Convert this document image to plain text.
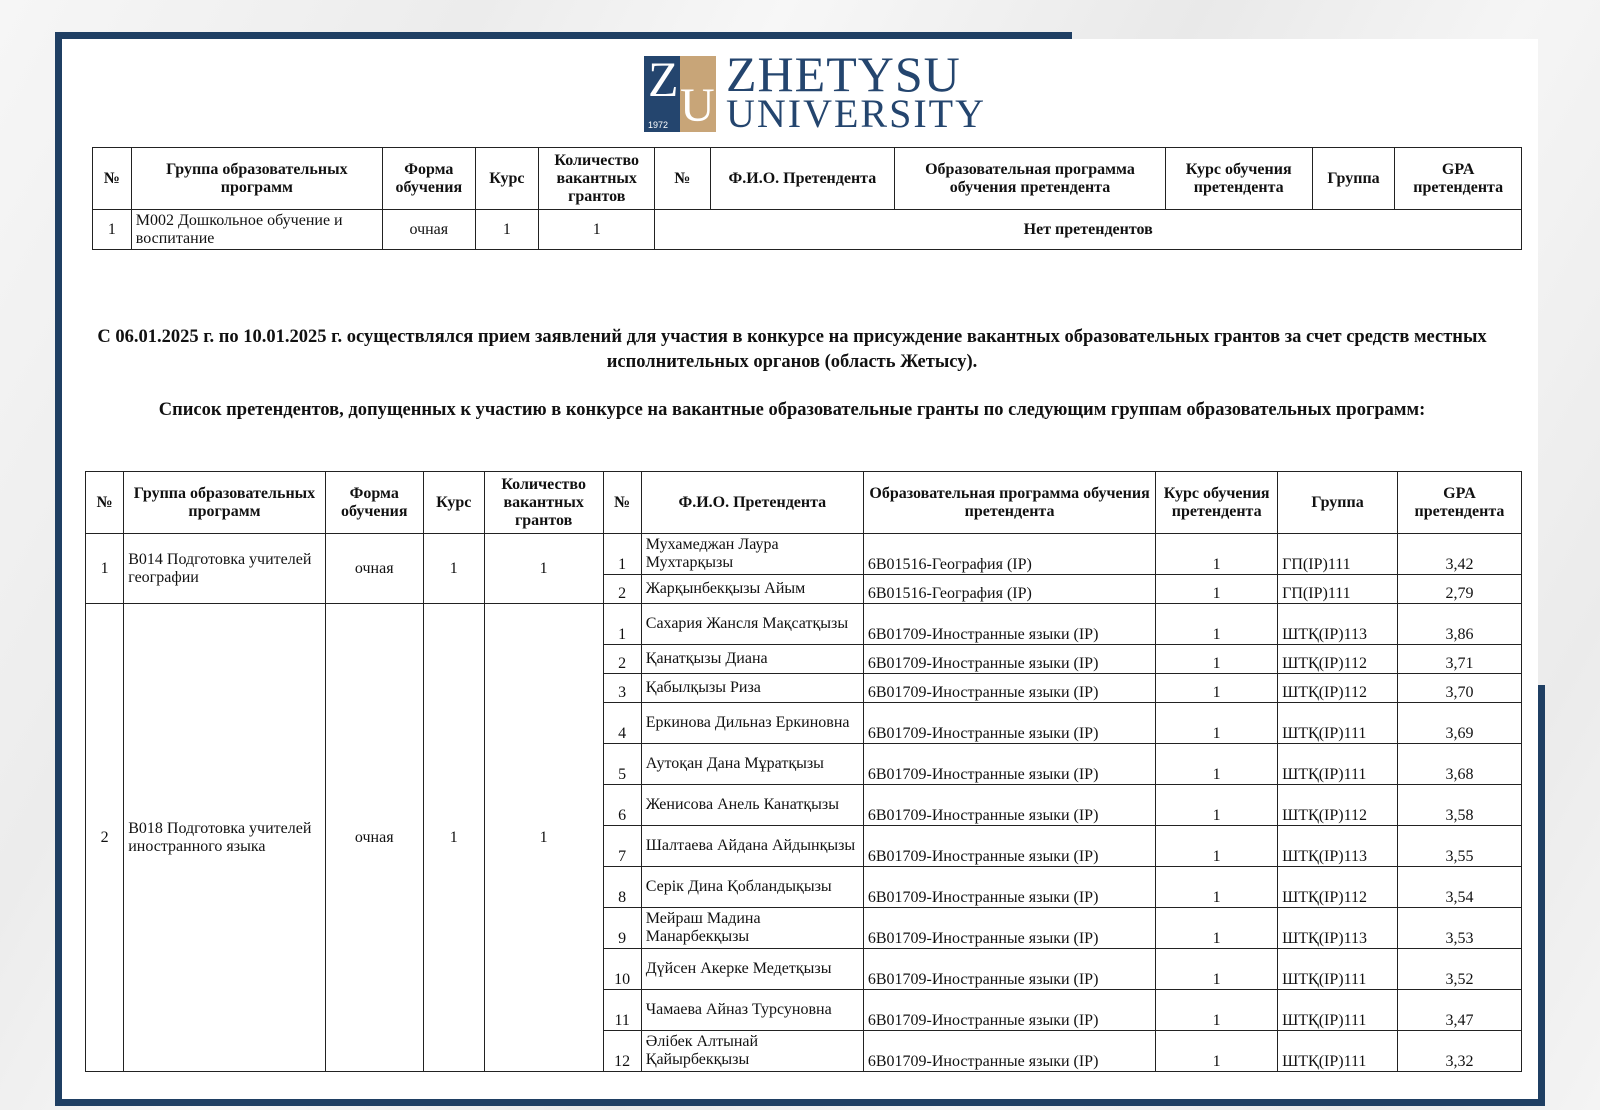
Z U
1972
ZHETYSU
UNIVERSITY
№	Группа образовательных программ	Форма обучения	Курс	Количество вакантных грантов	№	Ф.И.О. Претендента	Образовательная программа обучения претендента	Курс обучения претендента	Группа	GPA претендента
1	М002 Дошкольное обучение и воспитание	очная	1	1	Нет претендентов					
С 06.01.2025 г. по 10.01.2025 г. осуществлялся прием заявлений для участия в конкурсе на присуждение вакантных образовательных грантов за счет средств местных исполнительных органов (область Жетысу).
Список претендентов, допущенных к участию в конкурсе на вакантные образовательные гранты по следующим группам образовательных программ:
№	Группа образовательных программ	Форма обучения	Курс	Количество вакантных грантов	№	Ф.И.О. Претендента	Образовательная программа обучения претендента	Курс обучения претендента	Группа	GPA претендента
1	В014 Подготовка учителей географии	очная	1	1	1	Мухамеджан Лаура Мухтарқызы	6В01516-География (IP)	1	ГП(IP)111	3,42
					2	Жарқынбекқызы Айым	6В01516-География (IP)	1	ГП(IP)111	2,79
2	В018 Подготовка учителей иностранного языка	очная	1	1	1	Сахария Жансля Мақсатқызы	6В01709-Иностранные языки (IP)	1	ШТҚ(IP)113	3,86
					2	Қанатқызы Диана	6В01709-Иностранные языки (IP)	1	ШТҚ(IP)112	3,71
					3	Қабылқызы Риза	6В01709-Иностранные языки (IP)	1	ШТҚ(IP)112	3,70
					4	Еркинова Дильназ Еркиновна	6В01709-Иностранные языки (IP)	1	ШТҚ(IP)111	3,69
					5	Аутоқан Дана Мұратқызы	6В01709-Иностранные языки (IP)	1	ШТҚ(IP)111	3,68
					6	Женисова Анель Канатқызы	6В01709-Иностранные языки (IP)	1	ШТҚ(IP)112	3,58
					7	Шалтаева Айдана Айдынқызы	6В01709-Иностранные языки (IP)	1	ШТҚ(IP)113	3,55
					8	Серік Дина Қобландықызы	6В01709-Иностранные языки (IP)	1	ШТҚ(IP)112	3,54
					9	Мейраш Мадина Манарбекқызы	6В01709-Иностранные языки (IP)	1	ШТҚ(IP)113	3,53
					10	Дүйсен Акерке Медетқызы	6В01709-Иностранные языки (IP)	1	ШТҚ(IP)111	3,52
					11	Чамаева Айназ Турсуновна	6В01709-Иностранные языки (IP)	1	ШТҚ(IP)111	3,47
					12	Әлібек Алтынай Қайырбекқызы	6В01709-Иностранные языки (IP)	1	ШТҚ(IP)111	3,32
